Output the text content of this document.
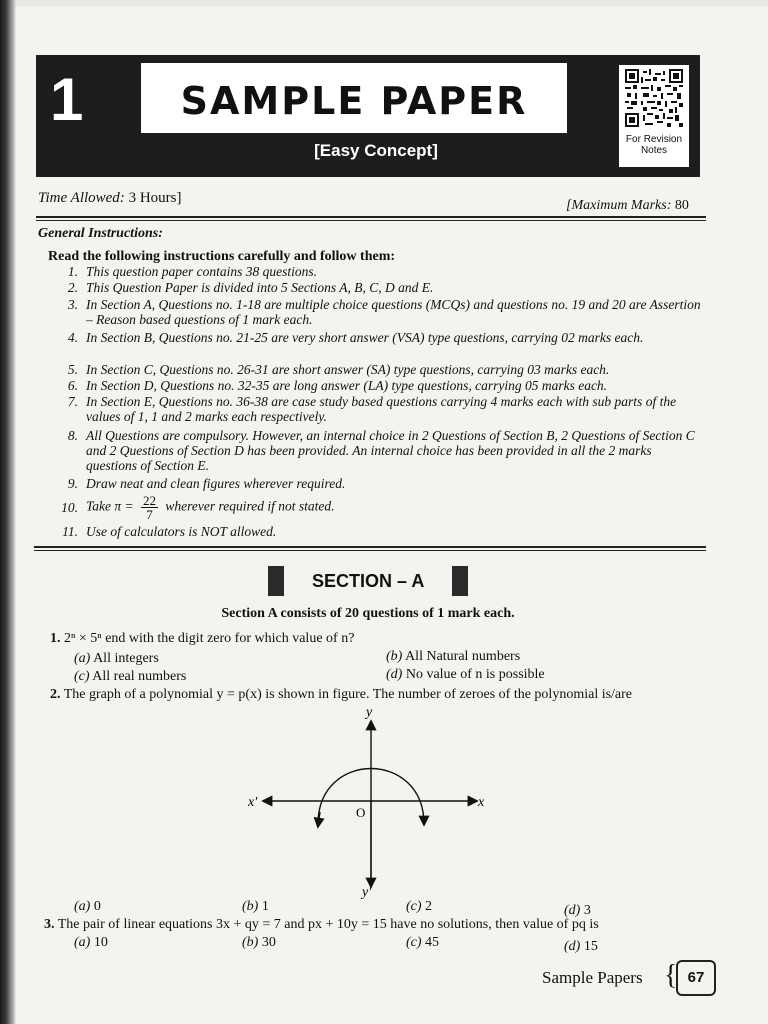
1	SAMPLE PAPER
[Easy Concept]
For Revision
Notes
Time Allowed: 3 Hours]	[Maximum Marks: 80
General Instructions:
Read the following instructions carefully and follow them:
1. This question paper contains 38 questions.
2. This Question Paper is divided into 5 Sections A, B, C, D and E.
3. In Section A, Questions no. 1-18 are multiple choice questions (MCQs) and questions no. 19 and 20 are Assertion – Reason based questions of 1 mark each.
4. In Section B, Questions no. 21-25 are very short answer (VSA) type questions, carrying 02 marks each.
5. In Section C, Questions no. 26-31 are short answer (SA) type questions, carrying 03 marks each.
6. In Section D, Questions no. 32-35 are long answer (LA) type questions, carrying 05 marks each.
7. In Section E, Questions no. 36-38 are case study based questions carrying 4 marks each with sub parts of the values of 1, 1 and 2 marks each respectively.
8. All Questions are compulsory. However, an internal choice in 2 Questions of Section B, 2 Questions of Section C and 2 Questions of Section D has been provided. An internal choice has been provided in all the 2 marks questions of Section E.
9. Draw neat and clean figures wherever required.
10. Take $\pi = \frac{22}{7}$ wherever required if not stated.
11. Use of calculators is NOT allowed.
SECTION – A
Section A consists of 20 questions of 1 mark each.
1. 2ⁿ × 5ⁿ end with the digit zero for which value of n?
(a) All integers	(b) All Natural numbers
(c) All real numbers	(d) No value of n is possible
2. The graph of a polynomial y = p(x) is shown in figure. The number of zeroes of the polynomial is/are
y
y′
x
x′
O
(a) 0	(b) 1	(c) 2	(d) 3
3. The pair of linear equations 3x + qy = 7 and px + 10y = 15 have no solutions, then value of pq is
(a) 10	(b) 30	(c) 45	(d) 15
Sample Papers { 67
